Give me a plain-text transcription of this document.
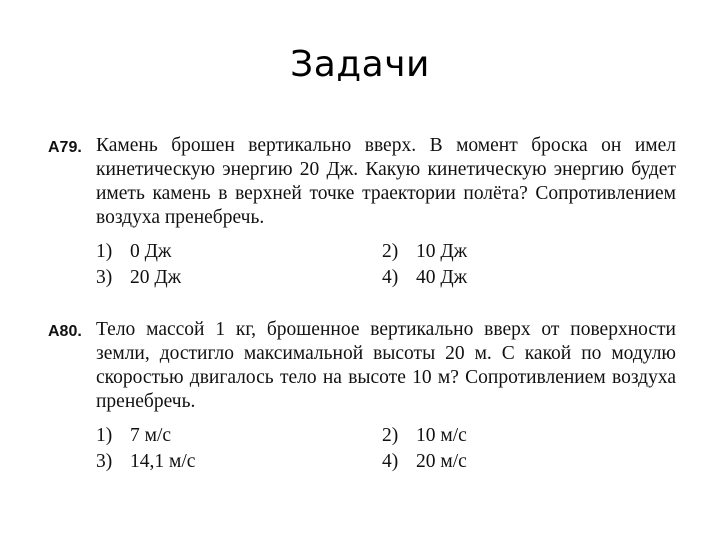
Задачи
А79. Камень брошен вертикально вверх. В момент броска он имел кинетическую энергию 20 Дж. Какую кинетическую энергию будет иметь камень в верхней точке траектории полёта? Сопротивлением воздуха пренебречь.
1) 0 Дж	2) 10 Дж
3) 20 Дж	4) 40 Дж
А80. Тело массой 1 кг, брошенное вертикально вверх от поверхности земли, достигло максимальной высоты 20 м. С какой по модулю скоростью двигалось тело на высоте 10 м? Сопротивлением воздуха пренебречь.
1) 7 м/с	2) 10 м/с
3) 14,1 м/с	4) 20 м/с
